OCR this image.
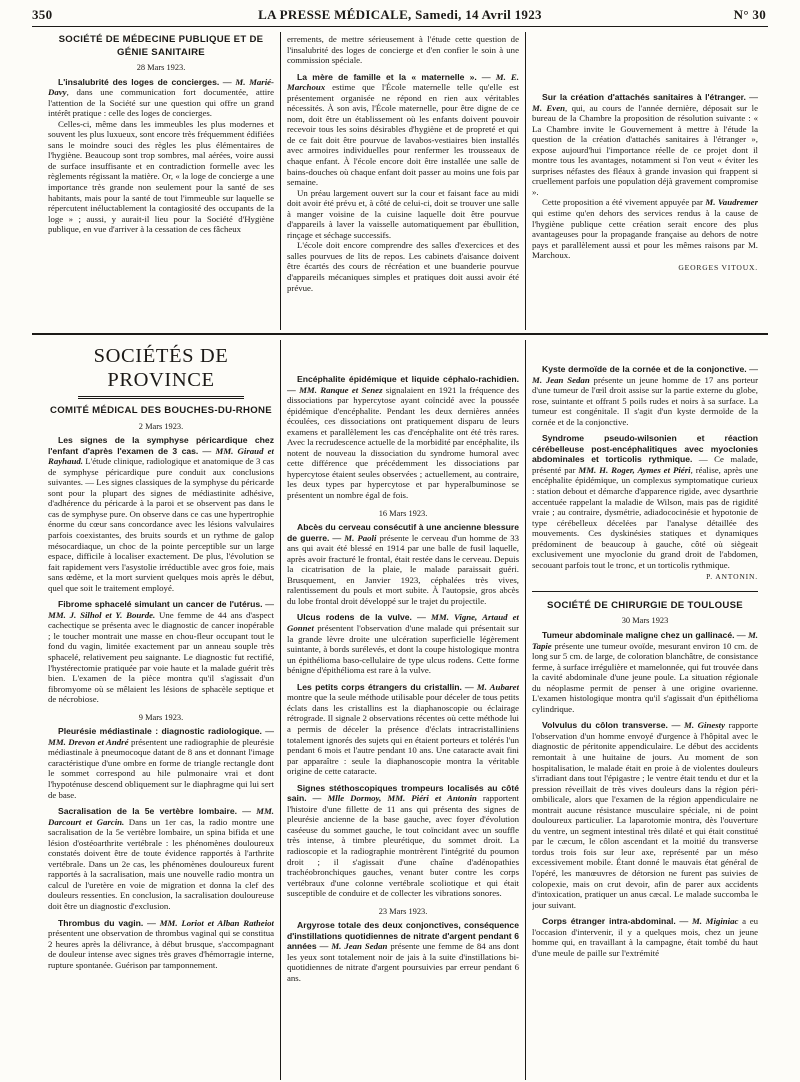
350	LA PRESSE MÉDICALE, Samedi, 14 Avril 1923	N° 30
SOCIÉTÉ DE MÉDECINE PUBLIQUE ET DE GÉNIE SANITAIRE
28 Mars 1923.

L'insalubrité des loges de concierges. — M. Marié-Davy, dans une communication fort documentée, attire l'attention de la Société sur une question qui offre un grand intérêt pratique : celle des loges de concierges.

Celles-ci, même dans les immeubles les plus modernes et souvent les plus luxueux, sont encore très fréquemment édifiées sans le moindre souci des règles les plus élémentaires de l'hygiène. Beaucoup sont trop sombres, mal aérées, voire aussi de surface insuffisante et en contradiction formelle avec les règlements régissant la matière. Or, « la loge de concierge a une importance très grande non seulement pour la santé de ses habitants, mais pour la santé de tout l'immeuble sur laquelle se répercutent inéluctablement la contagiosité des occupants de la loge » ; aussi, y aurait-il lieu pour la Société d'Hygiène publique, en vue d'arriver à la cessation de ces fâcheux

errements, de mettre sérieusement à l'étude cette question de l'insalubrité des loges de concierge et d'en confier le soin à une commission spéciale.

La mère de famille et la « maternelle ». — M. E. Marchoux estime que l'École maternelle telle qu'elle est présentement organisée ne répond en rien aux véritables nécessités. À son avis, l'École maternelle, pour être digne de ce nom, doit être un établissement où les enfants doivent pouvoir recevoir tous les soins désirables d'hygiène et de propreté et qui de ce fait doit être pourvue de lavabos-vestiaires bien installés avec armoires individuelles pour renfermer les trousseaux de chaque enfant. À l'école encore doit être installée une salle de bains-douches où chaque enfant doit passer au moins une fois par semaine.

Un préau largement ouvert sur la cour et faisant face au midi doit avoir été prévu et, à côté de celui-ci, doit se trouver une salle à manger voisine de la cuisine laquelle doit être pourvue d'appareils à laver la vaisselle automatiquement par ébullition, rinçage et séchage successifs.

L'école doit encore comprendre des salles d'exercices et des salles pourvues de lits de repos. Les cabinets d'aisance doivent être écartés des cours de récréation et une buanderie pourvue d'appareils mécaniques simples et pratiques doit aussi avoir été prévue.

Sur la création d'attachés sanitaires à l'étranger. — M. Even, qui, au cours de l'année dernière, déposait sur le bureau de la Chambre la proposition de résolution suivante : « La Chambre invite le Gouvernement à mettre à l'étude la question de la création d'attachés sanitaires à l'étranger », expose aujourd'hui l'importance réelle de ce projet dont il montre tous les avantages, notamment si l'on veut « éviter les surprises néfastes des fléaux à grande invasion qui frappent si cruellement parfois une population déjà gravement compromise ».

Cette proposition a été vivement appuyée par M. Vaudremer qui estime qu'en dehors des services rendus à la cause de l'hygiène publique cette création serait encore des plus avantageuses pour la propagande française au dehors de notre pays et parallèlement aussi et pour les mêmes raisons par M. Marchoux.

GEORGES VITOUX.
SOCIÉTÉS DE PROVINCE
COMITÉ MÉDICAL DES BOUCHES-DU-RHONE
2 Mars 1923.

Les signes de la symphyse péricardique chez l'enfant d'après l'examen de 3 cas. — MM. Giraud et Rayhaud. L'étude clinique, radiologique et anatomique de 3 cas de symphyse péricardique pure conduit aux conclusions suivantes. — Les signes classiques de la symphyse du péricarde sont pour la plupart des signes de médiastinite adhésive, d'adhérence du péricarde à la paroi et se observent pas dans le cas de symphyse pure. On observe dans ce cas une hypertrophie énorme du cœur sans concordance avec les lésions valvulaires parfois coexistantes, des bruits sourds et un rythme de galop mésocardiaque, un choc de la pointe perceptible sur un large espace, difficile à localiser exactement. De plus, l'évolution se fait rapidement vers l'asystolie irréductible avec gros foie, mais sans œdème, et la mort survient quelques mois après le début, quel que soit le traitement employé.

Fibrome sphacelé simulant un cancer de l'utérus. — MM. J. Silhol et Y. Bourde. Une femme de 44 ans d'aspect cachectique se présenta avec le diagnostic de cancer inopérable ; le toucher montrait une masse en chou-fleur occupant tout le fond du vagin, limitée exactement par un anneau souple très sphacelé, relativement peu saignante. Le diagnostic fut rectifié, l'hystérectomie pratiquée par voie haute et la malade guérit très bien. L'examen de la pièce montra qu'il s'agissait d'un fibromyome où se mêlaient les lésions de sphacèle septique et de nécrobiose.

9 Mars 1923.

Pleurésie médiastinale : diagnostic radiologique. — MM. Drevon et André présentent une radiographie de pleurésie médiastinale à pneumocoque datant de 8 ans et donnant l'image caractéristique d'une ombre en forme de triangle rectangle dont le sommet correspond au hile pulmonaire vrai et dont l'hypoténuse descend obliquement sur le diaphragme qui lui sert de base.

Sacralisation de la 5e vertèbre lombaire. — MM. Darcourt et Garcin. Dans un 1er cas, la radio montre une sacralisation de la 5e vertèbre lombaire, un spina bifida et une lésion d'ostéoarthrite vertébrale : les phénomènes douloureux constatés doivent être de toute évidence rapportés à l'arthrite vertébrale. Dans un 2e cas, les phénomènes douloureux furent rapportés à la sacralisation, mais une nouvelle radio montra un calcul de l'uretère en voie de migration et donna la clef des douleurs ressenties. En conclusion, la sacralisation douloureuse doit être un diagnostic d'exclusion.

Thrombus du vagin. — MM. Loriot et Alban Ratheiot présentent une observation de thrombus vaginal qui se constitua 2 heures après la délivrance, à début brusque, s'accompagnant de douleur intense avec signes très graves d'hémorragie interne, rupture spontanée. Guérison par tamponnement.

Encéphalite épidémique et liquide céphalo-rachidien. — MM. Ranque et Senez signalaient en 1921 la fréquence des dissociations par hypercytose ayant coïncidé avec la poussée épidémique d'encéphalite. Pendant les deux dernières années écoulées, ces dissociations ont pratiquement disparu de leurs examens et parallèlement les cas d'encéphalite ont été très rares. Avec la recrudescence actuelle de la morbidité par encéphalite, ils notent de nouveau la dissociation du syndrome humoral avec cette différence que précédemment les dissociations par hypercytose étaient seules observées ; actuellement, au contraire, les deux types par hypercytose et par hyperalbuminose se présentent un nombre égal de fois.

16 Mars 1923.

Abcès du cerveau consécutif à une ancienne blessure de guerre. — M. Paoli présente le cerveau d'un homme de 33 ans qui avait été blessé en 1914 par une balle de fusil laquelle, après avoir fracturé le frontal, était restée dans le cerveau. Depuis la cicatrisation de la plaie, le malade paraissait guéri. Brusquement, en Janvier 1923, céphalées très vives, ralentissement du pouls et mort subite. À l'autopsie, gros abcès du lobe frontal droit développé sur le trajet du projectile.

Ulcus rodens de la vulve. — MM. Vigne, Artaud et Gonnet présentent l'observation d'une malade qui présentait sur la grande lèvre droite une ulcération superficielle légèrement suintante, à bords surélevés, et dont la coupe histologique montra un épithélioma baso-cellulaire de type ulcus rodens. Cette forme bénigne d'épithélioma est rare à la vulve.

Les petits corps étrangers du cristallin. — M. Aubaret montre que la seule méthode utilisable pour déceler de tous petits éclats dans les cristallins est la diaphanoscopie ou éclairage rétrograde. Il signale 2 observations récentes où cette méthode lui a permis de déceler la présence d'éclats intracristalliniens totalement ignorés des sujets qui en étaient porteurs et tolérés l'un pendant 6 mois et l'autre pendant 10 ans. Une cataracte avait fini par apparaître : seule la diaphanoscopie montra la véritable origine de cette cataracte.

Signes stéthoscopiques trompeurs localisés au côté sain. — Mlle Dormoy, MM. Piéri et Antonin rapportent l'histoire d'une fillette de 11 ans qui présenta des signes de pleurésie ancienne de la base gauche, avec foyer d'évolution caséeuse du sommet gauche, le tout coïncidant avec un souffle très intense, à timbre pleurétique, du sommet droit. La radioscopie et la radiographie montrèrent l'intégrité du poumon droit ; il s'agissait d'une chaîne d'adénopathies trachéobronchiques gauches, venant buter contre les corps vertébraux d'une colonne vertébrale scoliotique et qui était susceptible de conduire et de collecter les vibrations sonores.

23 Mars 1923.

Argyrose totale des deux conjonctives, conséquence d'instillations quotidiennes de nitrate d'argent pendant 6 années — M. Jean Sedan présente une femme de 84 ans dont les yeux sont totalement noir de jais à la suite d'instillations bi-quotidiennes de nitrate d'argent poursuivies par erreur pendant 6 ans.

Kyste dermoïde de la cornée et de la conjonctive. — M. Jean Sedan présente un jeune homme de 17 ans porteur d'une tumeur de l'œil droit assise sur la partie externe du globe, rose, suintante et offrant 5 poils rudes et noirs à sa surface. La tumeur est congénitale. Il s'agit d'un kyste dermoïde de la cornée et de la conjonctive.

Syndrome pseudo-wilsonien et réaction cérébelleuse post-encéphalitiques avec myoclonies abdominales et torticolis rythmique. — Ce malade, présenté par MM. H. Roger, Aymes et Piéri, réalise, après une encéphalite épidémique, un complexus symptomatique curieux : station debout et démarche d'apparence rigide, avec dysarthrie accentuée rappelant la maladie de Wilson, mais pas de rigidité vraie ; au contraire, dysmétrie, adiadococinésie et hypotonie de type cérébelleux décelées par l'analyse détaillée des mouvements. Ces dyskinésies statiques et dynamiques prédominent de beaucoup à gauche, côté où siègeait exclusivement une myoclonie du grand droit de l'abdomen, secouant parfois tout le tronc, et un torticolis rythmique.

P. ANTONIN.
SOCIÉTÉ DE CHIRURGIE DE TOULOUSE
30 Mars 1923

Tumeur abdominale maligne chez un gallinacé. — M. Tapie présente une tumeur ovoïde, mesurant environ 10 cm. de long sur 5 cm. de large, de coloration blanchâtre, de consistance ferme, à surface irrégulière et mamelonnée, qui fut trouvée dans la cavité abdominale d'une jeune poule. La situation régionale du néoplasme permit de penser à une origine ovarienne. L'examen histologique montra qu'il s'agissait d'un épithélioma cylindrique.

Volvulus du côlon transverse. — M. Ginesty rapporte l'observation d'un homme envoyé d'urgence à l'hôpital avec le diagnostic de péritonite appendiculaire. Le début des accidents remontait à une huitaine de jours. Au moment de son hospitalisation, le malade était en proie à de violentes douleurs s'irradiant dans tout l'épigastre ; le ventre était tendu et dur et la pression réveillait de très vives douleurs dans la région péri-ombilicale, alors que l'examen de la région appendiculaire ne montrait aucune résistance musculaire spéciale, ni de point douloureux particulier. La laparotomie montra, dès l'ouverture du ventre, un segment intestinal très dilaté et qui était constitué par le cæcum, le côlon ascendant et la moitié du transverse tordus trois fois sur leur axe, représenté par un méso excessivement mobile. Étant donné le mauvais état général de l'opéré, les manœuvres de détorsion ne furent pas suivies de colopexie, mais on crut devoir, afin de parer aux accidents d'intoxication, pratiquer un anus cæcal. Le malade succomba le jour suivant.

Corps étranger intra-abdominal. — M. Miginiac a eu l'occasion d'intervenir, il y a quelques mois, chez un jeune homme qui, en travaillant à la campagne, était tombé du haut d'une meule de paille sur l'extrémité
